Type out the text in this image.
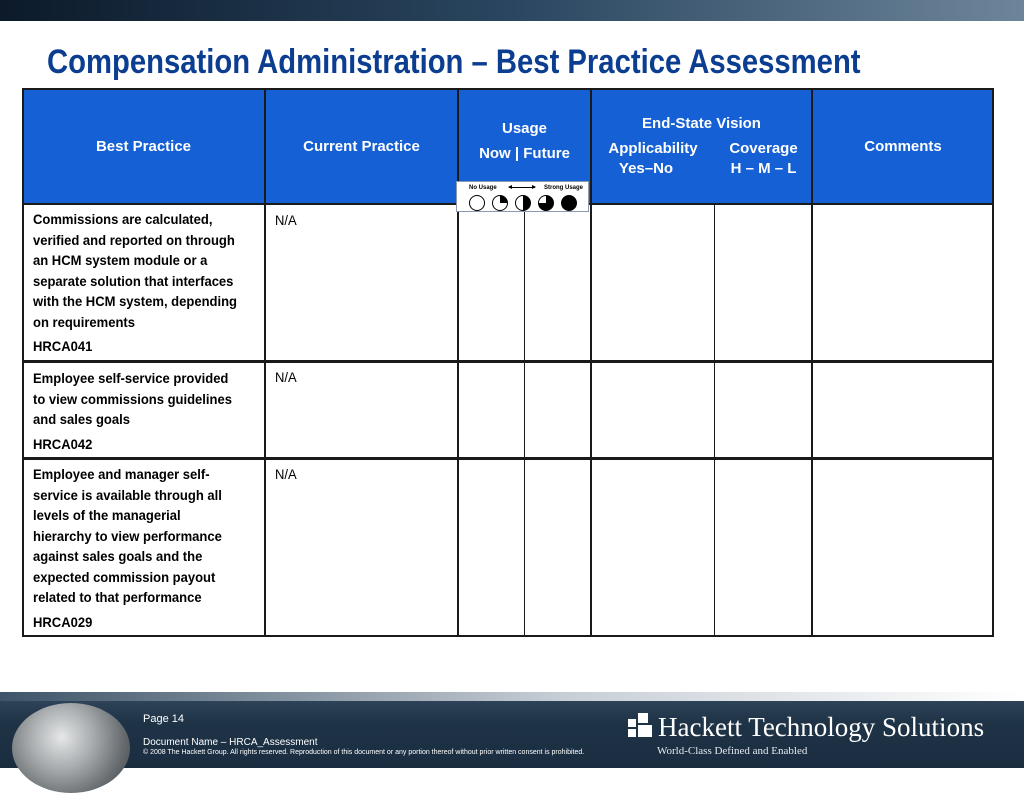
Compensation Administration – Best Practice Assessment
Best Practice	Current Practice
Usage
Now | Future
End-State Vision
Applicability
Yes–No
Coverage
H – M – L
Comments
Commissions are calculated, verified and reported on through an HCM system module or a separate solution that interfaces with the HCM system, depending on requirements
HRCA041
N/A
Employee self-service provided to view commissions guidelines and sales goals
HRCA042
N/A
Employee and manager self-service is available through all levels of the managerial hierarchy to view performance against sales goals and the expected commission payout related to that performance
HRCA029
N/A
No Usage	Strong Usage
Page 14
Document Name – HRCA_Assessment
© 2008 The Hackett Group. All rights reserved. Reproduction of this document or any portion thereof without prior written consent is prohibited.
Hackett Technology Solutions
World-Class Defined and Enabled
